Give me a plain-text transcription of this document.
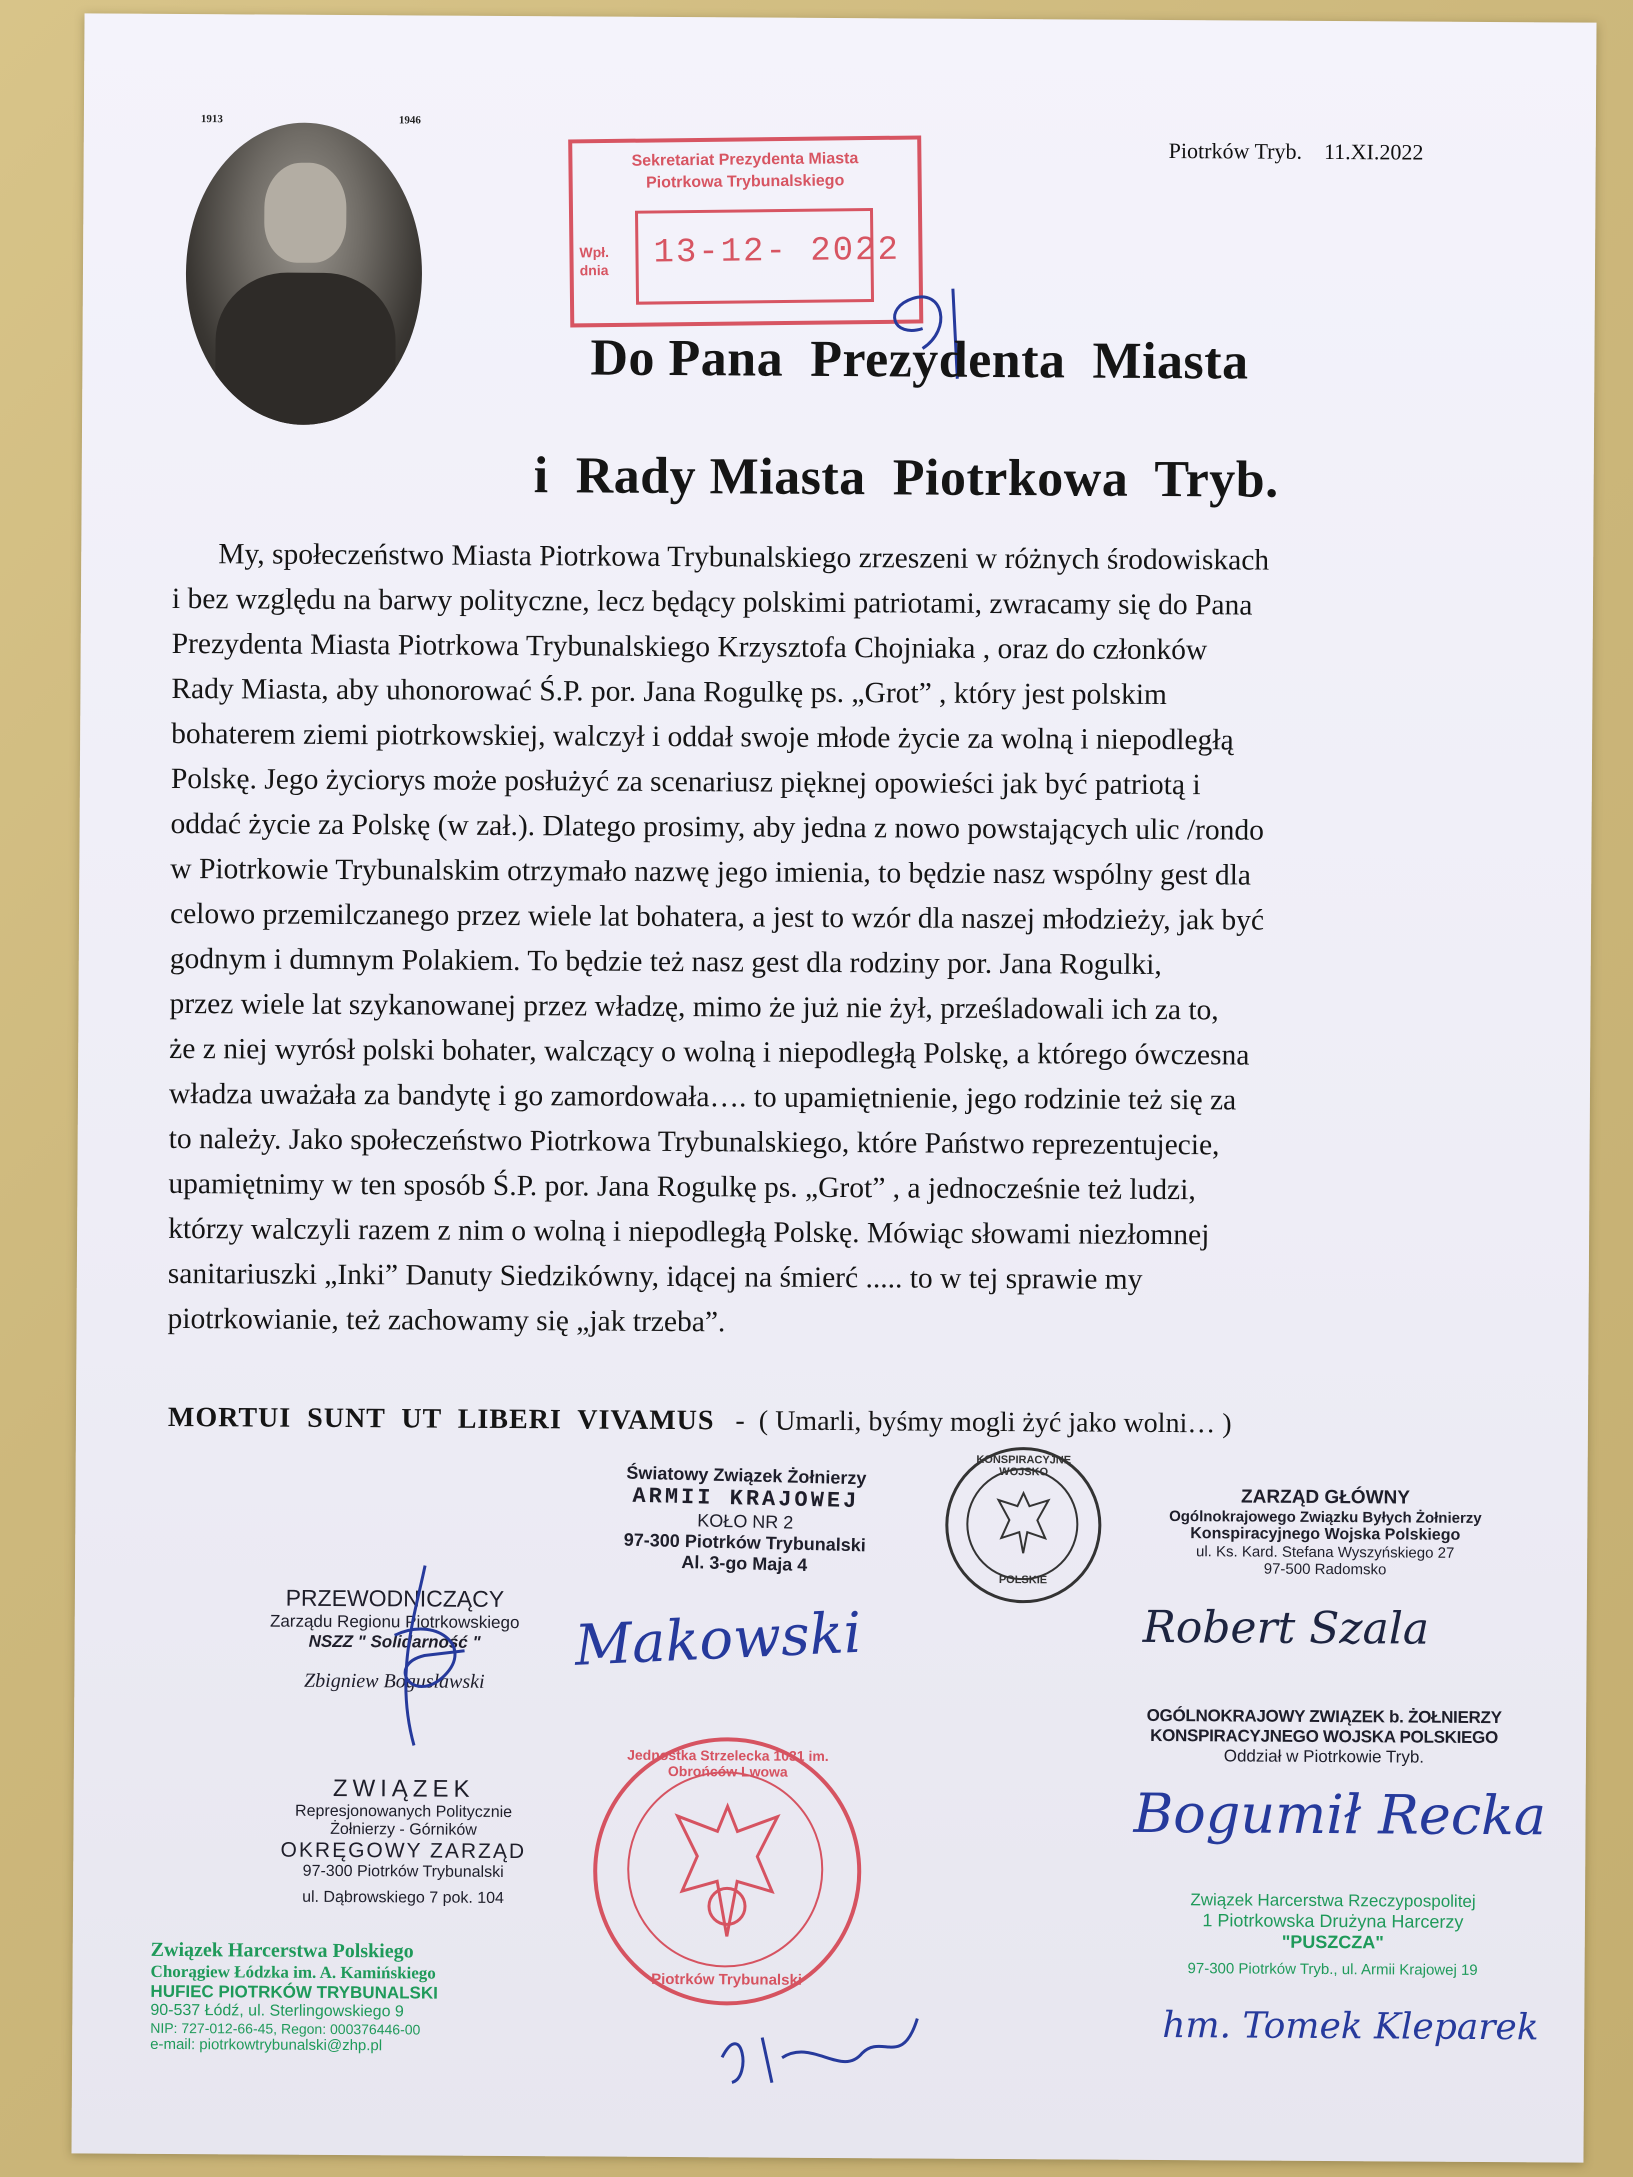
1913	1946
Piotrków Tryb.    11.XI.2022
Sekretariat Prezydenta Miasta
Piotrkowa Trybunalskiego
Wpł.
dnia 13-12- 2022
Do Pana  Prezydenta  Miasta
i  Rady Miasta  Piotrkowa  Tryb.
My, społeczeństwo Miasta Piotrkowa Trybunalskiego zrzeszeni w różnych środowiskach
i bez względu na barwy polityczne, lecz będący polskimi patriotami, zwracamy się do Pana
Prezydenta Miasta Piotrkowa Trybunalskiego Krzysztofa Chojniaka , oraz do członków
Rady Miasta, aby uhonorować Ś.P. por. Jana Rogulkę ps. „Grot” , który jest polskim
bohaterem ziemi piotrkowskiej, walczył i oddał swoje młode życie za wolną i niepodległą
Polskę. Jego życiorys może posłużyć za scenariusz pięknej opowieści jak być patriotą i
oddać życie za Polskę (w zał.). Dlatego prosimy, aby jedna z nowo powstających ulic /rondo
w Piotrkowie Trybunalskim otrzymało nazwę jego imienia, to będzie nasz wspólny gest dla
celowo przemilczanego przez wiele lat bohatera, a jest to wzór dla naszej młodzieży, jak być
godnym i dumnym Polakiem. To będzie też nasz gest dla rodziny por. Jana Rogulki,
przez wiele lat szykanowanej przez władzę, mimo że już nie żył, prześladowali ich za to,
że z niej wyrósł polski bohater, walczący o wolną i niepodległą Polskę, a którego ówczesna
władza uważała za bandytę i go zamordowała…. to upamiętnienie, jego rodzinie też się za
to należy. Jako społeczeństwo Piotrkowa Trybunalskiego, które Państwo reprezentujecie,
upamiętnimy w ten sposób Ś.P. por. Jana Rogulkę ps. „Grot” , a jednocześnie też ludzi,
którzy walczyli razem z nim o wolną i niepodległą Polskę. Mówiąc słowami niezłomnej
sanitariuszki „Inki” Danuty Siedzikówny, idącej na śmierć ..... to w tej sprawie my
piotrkowianie, też zachowamy się „jak trzeba”.
MORTUI  SUNT  UT  LIBERI  VIVAMUS -  ( Umarli, byśmy mogli żyć jako wolni… )
Światowy Związek Żołnierzy
ARMII KRAJOWEJ
KOŁO NR 2
97-300 Piotrków Trybunalski
Al. 3-go Maja 4
KONSPIRACYJNE WOJSKO
POLSKIE
ZARZĄD GŁÓWNY
Ogólnokrajowego Związku Byłych Żołnierzy
Konspiracyjnego Wojska Polskiego
ul. Ks. Kard. Stefana Wyszyńskiego 27
97-500 Radomsko
PRZEWODNICZĄCY
Zarządu Regionu Piotrkowskiego
NSZZ " Solidarność "
Zbigniew Bogusławski
Makowski	Robert Szala
OGÓLNOKRAJOWY ZWIĄZEK b. ŻOŁNIERZY
KONSPIRACYJNEGO WOJSKA POLSKIEGO
Oddział w Piotrkowie Tryb.
Bogumił Recka
ZWIĄZEK
Represjonowanych Politycznie
Żołnierzy - Górników
OKRĘGOWY ZARZĄD
97-300 Piotrków Trybunalski
ul. Dąbrowskiego 7 pok. 104
Związek Harcerstwa Polskiego
Chorągiew Łódzka im. A. Kamińskiego
HUFIEC PIOTRKÓW TRYBUNALSKI
90-537 Łódź, ul. Sterlingowskiego 9
NIP: 727-012-66-45, Regon: 000376446-00
e-mail: piotrkowtrybunalski@zhp.pl
Jednostka Strzelecka 1031 im. Obrońców Lwowa
Piotrków Trybunalski
Związek Harcerstwa Rzeczypospolitej
1 Piotrkowska Drużyna Harcerzy
"PUSZCZA"
97-300 Piotrków Tryb., ul. Armii Krajowej 19
hm. Tomek Kleparek
